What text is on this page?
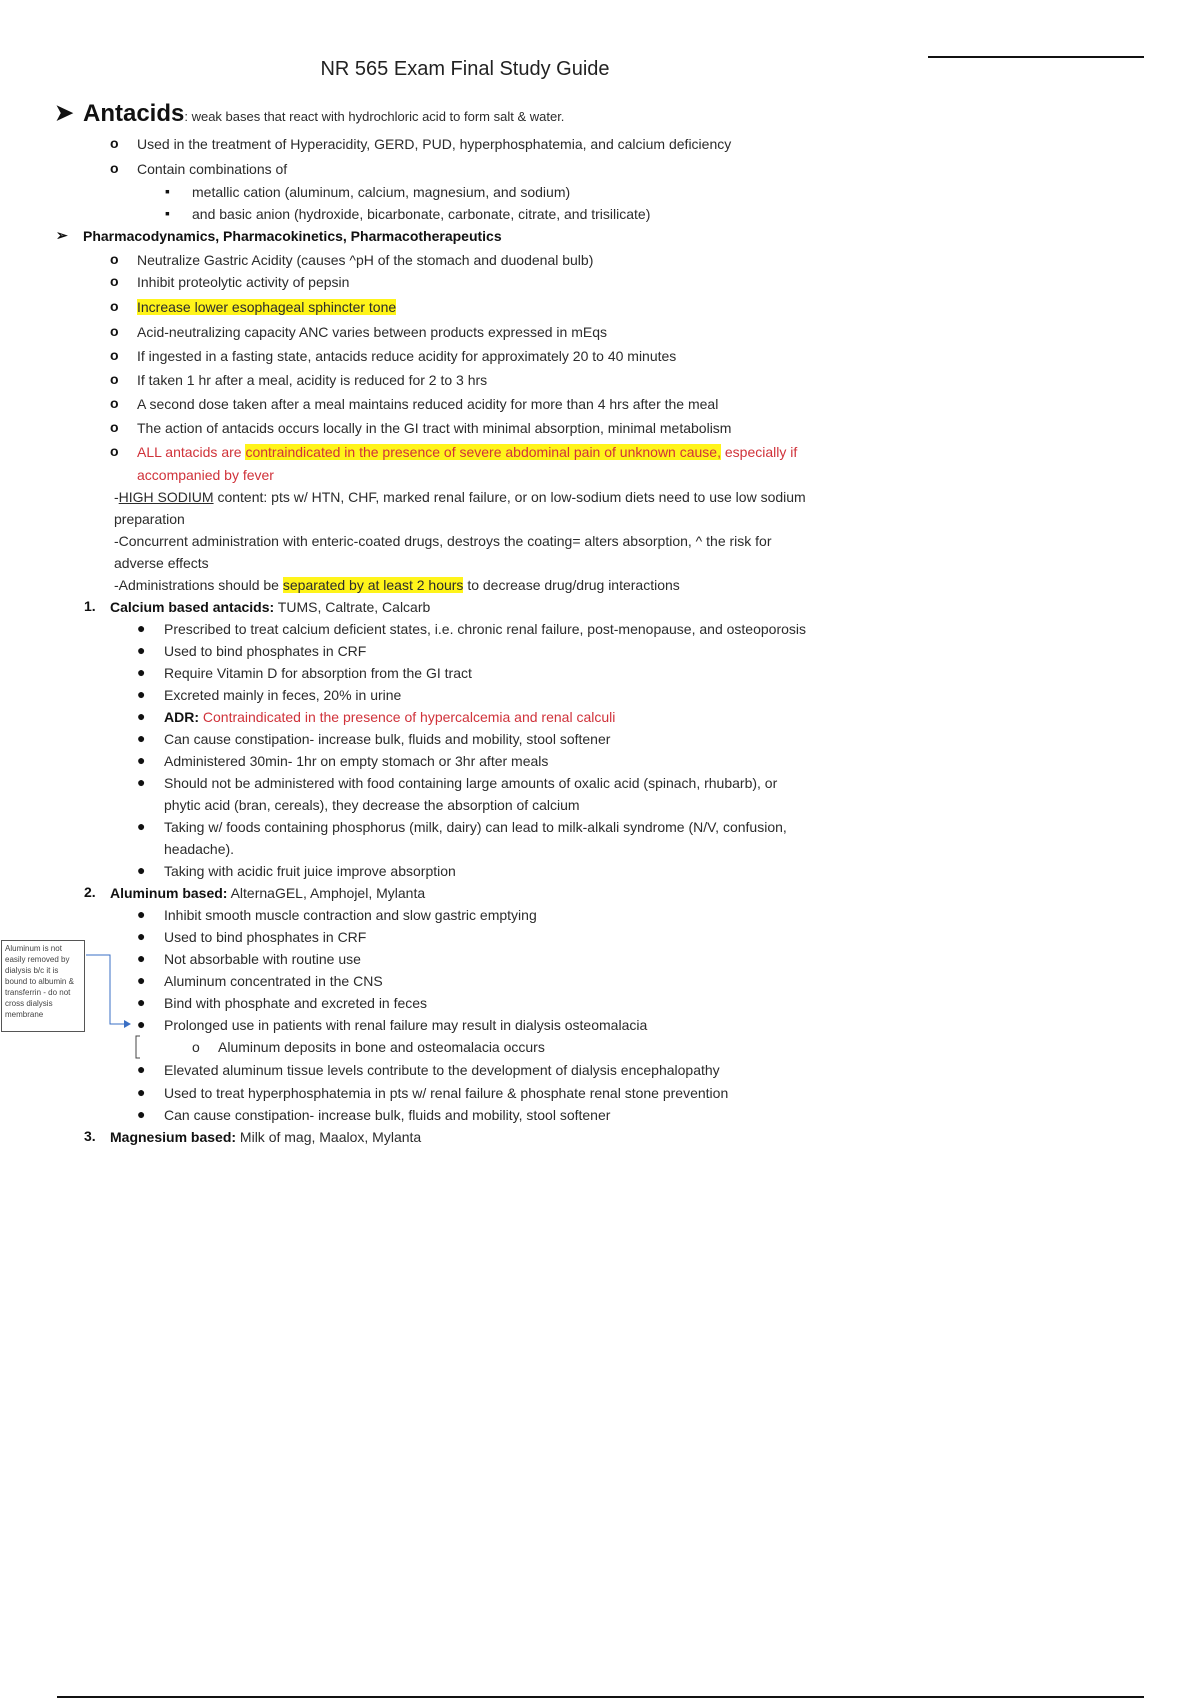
NR 565 Exam Final Study Guide
➤ Antacids: weak bases that react with hydrochloric acid to form salt & water.
o Used in the treatment of Hyperacidity, GERD, PUD, hyperphosphatemia, and calcium deficiency
o Contain combinations of
▪ metallic cation (aluminum, calcium, magnesium, and sodium)
▪ and basic anion (hydroxide, bicarbonate, carbonate, citrate, and trisilicate)
➢ Pharmacodynamics, Pharmacokinetics, Pharmacotherapeutics
o Neutralize Gastric Acidity (causes ^pH of the stomach and duodenal bulb)
o Inhibit proteolytic activity of pepsin
o Increase lower esophageal sphincter tone
o Acid-neutralizing capacity ANC varies between products expressed in mEqs
o If ingested in a fasting state, antacids reduce acidity for approximately 20 to 40 minutes
o If taken 1 hr after a meal, acidity is reduced for 2 to 3 hrs
o A second dose taken after a meal maintains reduced acidity for more than 4 hrs after the meal
o The action of antacids occurs locally in the GI tract with minimal absorption, minimal metabolism
o ALL antacids are contraindicated in the presence of severe abdominal pain of unknown cause, especially if
accompanied by fever
-HIGH SODIUM content: pts w/ HTN, CHF, marked renal failure, or on low-sodium diets need to use low sodium
preparation
-Concurrent administration with enteric-coated drugs, destroys the coating= alters absorption, ^ the risk for
adverse effects
-Administrations should be separated by at least 2 hours to decrease drug/drug interactions
1. Calcium based antacids: TUMS, Caltrate, Calcarb
● Prescribed to treat calcium deficient states, i.e. chronic renal failure, post-menopause, and osteoporosis
● Used to bind phosphates in CRF
● Require Vitamin D for absorption from the GI tract
● Excreted mainly in feces, 20% in urine
● ADR: Contraindicated in the presence of hypercalcemia and renal calculi
● Can cause constipation- increase bulk, fluids and mobility, stool softener
● Administered 30min- 1hr on empty stomach or 3hr after meals
● Should not be administered with food containing large amounts of oxalic acid (spinach, rhubarb), or
phytic acid (bran, cereals), they decrease the absorption of calcium
● Taking w/ foods containing phosphorus (milk, dairy) can lead to milk-alkali syndrome (N/V, confusion,
headache).
● Taking with acidic fruit juice improve absorption
2. Aluminum based: AlternaGEL, Amphojel, Mylanta
● Inhibit smooth muscle contraction and slow gastric emptying
● Used to bind phosphates in CRF
● Not absorbable with routine use
● Aluminum concentrated in the CNS
● Bind with phosphate and excreted in feces
● Prolonged use in patients with renal failure may result in dialysis osteomalacia
o Aluminum deposits in bone and osteomalacia occurs
● Elevated aluminum tissue levels contribute to the development of dialysis encephalopathy
● Used to treat hyperphosphatemia in pts w/ renal failure & phosphate renal stone prevention
● Can cause constipation- increase bulk, fluids and mobility, stool softener
3. Magnesium based: Milk of mag, Maalox, Mylanta
Aluminum is not easily removed by dialysis b/c it is bound to albumin & transferrin - do not cross dialysis membrane
